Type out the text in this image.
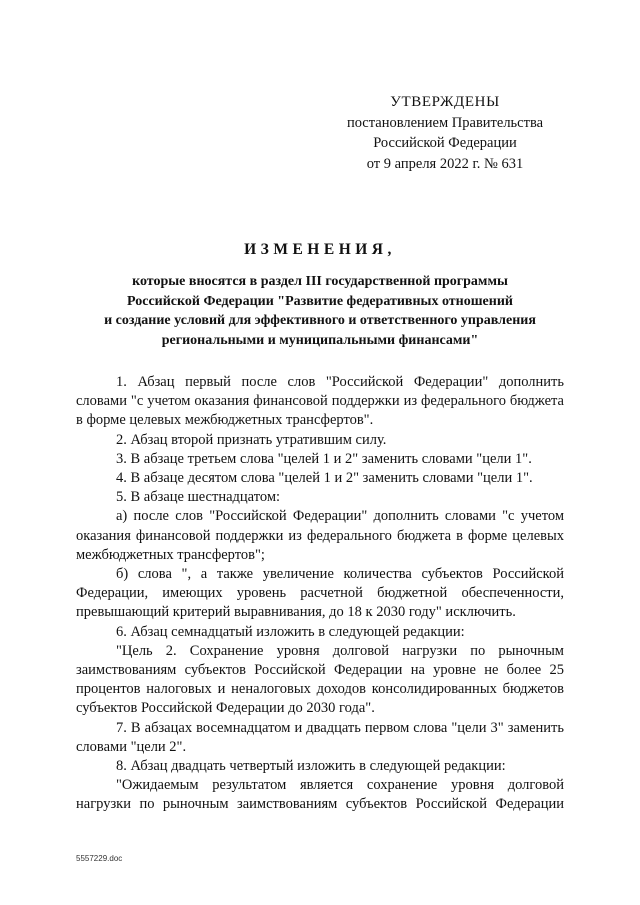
УТВЕРЖДЕНЫ
постановлением Правительства
Российской Федерации
от 9 апреля 2022 г. № 631
ИЗМЕНЕНИЯ,
которые вносятся в раздел III государственной программы
Российской Федерации "Развитие федеративных отношений
и создание условий для эффективного и ответственного управления
региональными и муниципальными финансами"

1. Абзац первый после слов "Российской Федерации" дополнить словами "с учетом оказания финансовой поддержки из федерального бюджета в форме целевых межбюджетных трансфертов".

2. Абзац второй признать утратившим силу.

3. В абзаце третьем слова "целей 1 и 2" заменить словами "цели 1".

4. В абзаце десятом слова "целей 1 и 2" заменить словами "цели 1".

5. В абзаце шестнадцатом:

а) после слов "Российской Федерации" дополнить словами "с учетом оказания финансовой поддержки из федерального бюджета в форме целевых межбюджетных трансфертов";

б) слова ", а также увеличение количества субъектов Российской Федерации, имеющих уровень расчетной бюджетной обеспеченности, превышающий критерий выравнивания, до 18 к 2030 году" исключить.

6. Абзац семнадцатый изложить в следующей редакции:

"Цель 2. Сохранение уровня долговой нагрузки по рыночным заимствованиям субъектов Российской Федерации на уровне не более 25 процентов налоговых и неналоговых доходов консолидированных бюджетов субъектов Российской Федерации до 2030 года".

7. В абзацах восемнадцатом и двадцать первом слова "цели 3" заменить словами "цели 2".

8. Абзац двадцать четвертый изложить в следующей редакции:

"Ожидаемым результатом является сохранение уровня долговой нагрузки по рыночным заимствованиям субъектов Российской Федерации

5557229.doc
